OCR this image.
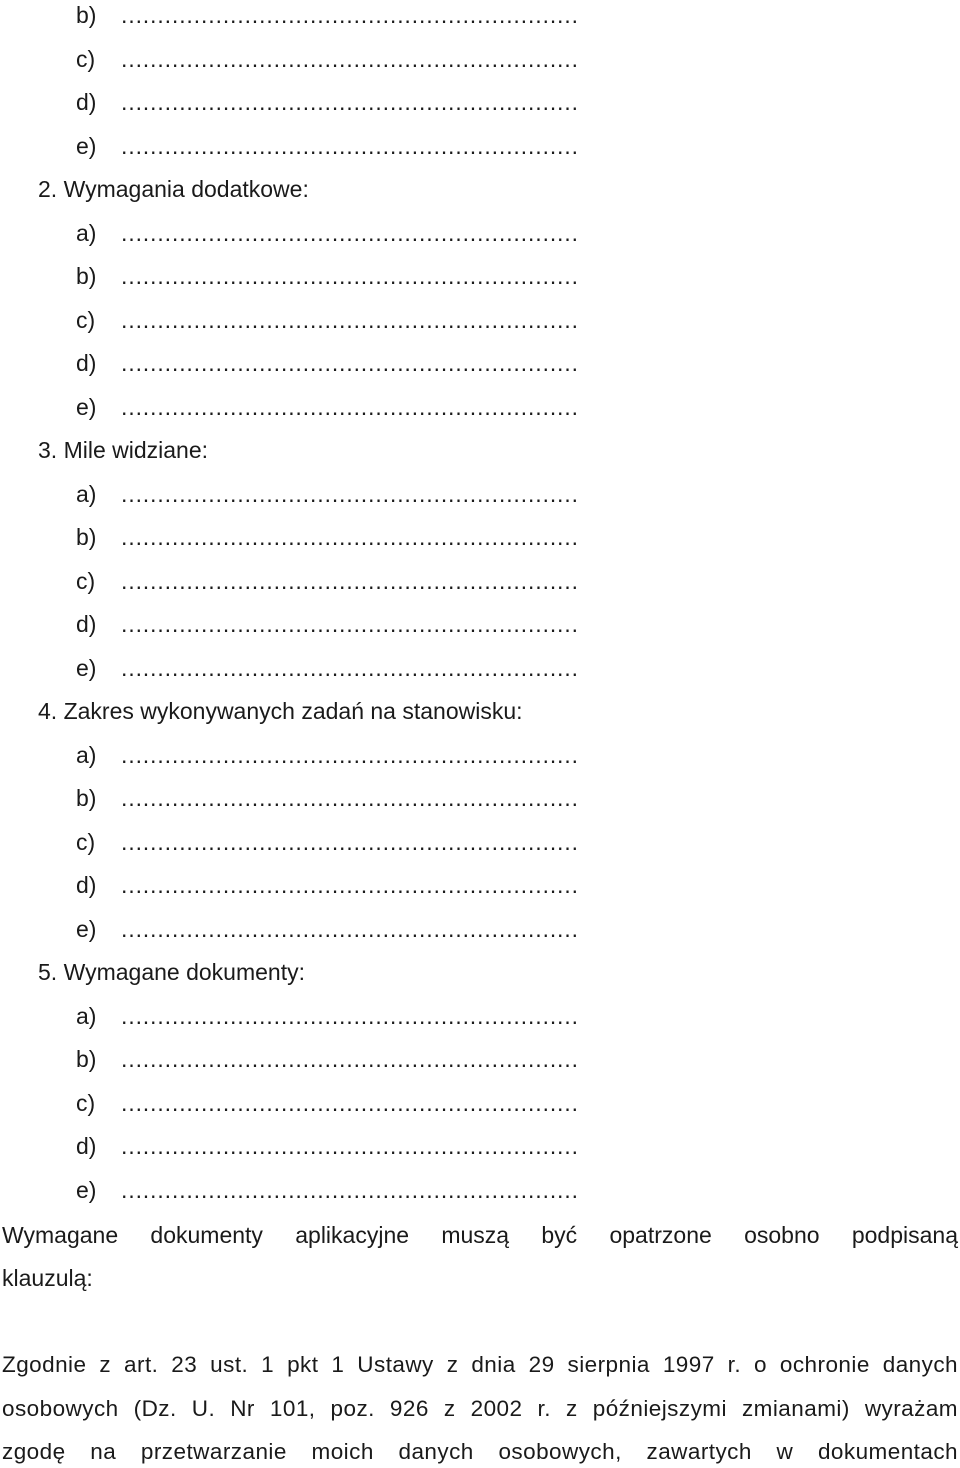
b) ………………………………………………………
c) ………………………………………………………
d) ………………………………………………………
e) ………………………………………………………
2. Wymagania dodatkowe:
a) ………………………………………………………
b) ………………………………………………………
c) ………………………………………………………
d) ………………………………………………………
e) ………………………………………………………
3. Mile widziane:
a) ………………………………………………………
b) ………………………………………………………
c) ………………………………………………………
d) ………………………………………………………
e) ………………………………………………………
4. Zakres wykonywanych zadań na stanowisku:
a) ………………………………………………………
b) ………………………………………………………
c) ………………………………………………………
d) ………………………………………………………
e) ………………………………………………………
5. Wymagane dokumenty:
a) ………………………………………………………
b) ………………………………………………………
c) ………………………………………………………
d) ………………………………………………………
e) ………………………………………………………
Wymagane dokumenty aplikacyjne muszą być opatrzone osobno podpisaną
klauzulą:
Zgodnie z art. 23 ust. 1 pkt 1 Ustawy z dnia 29 sierpnia 1997 r. o ochronie danych
osobowych (Dz. U. Nr 101, poz. 926 z 2002 r. z późniejszymi zmianami) wyrażam
zgodę na przetwarzanie moich danych osobowych, zawartych w dokumentach
